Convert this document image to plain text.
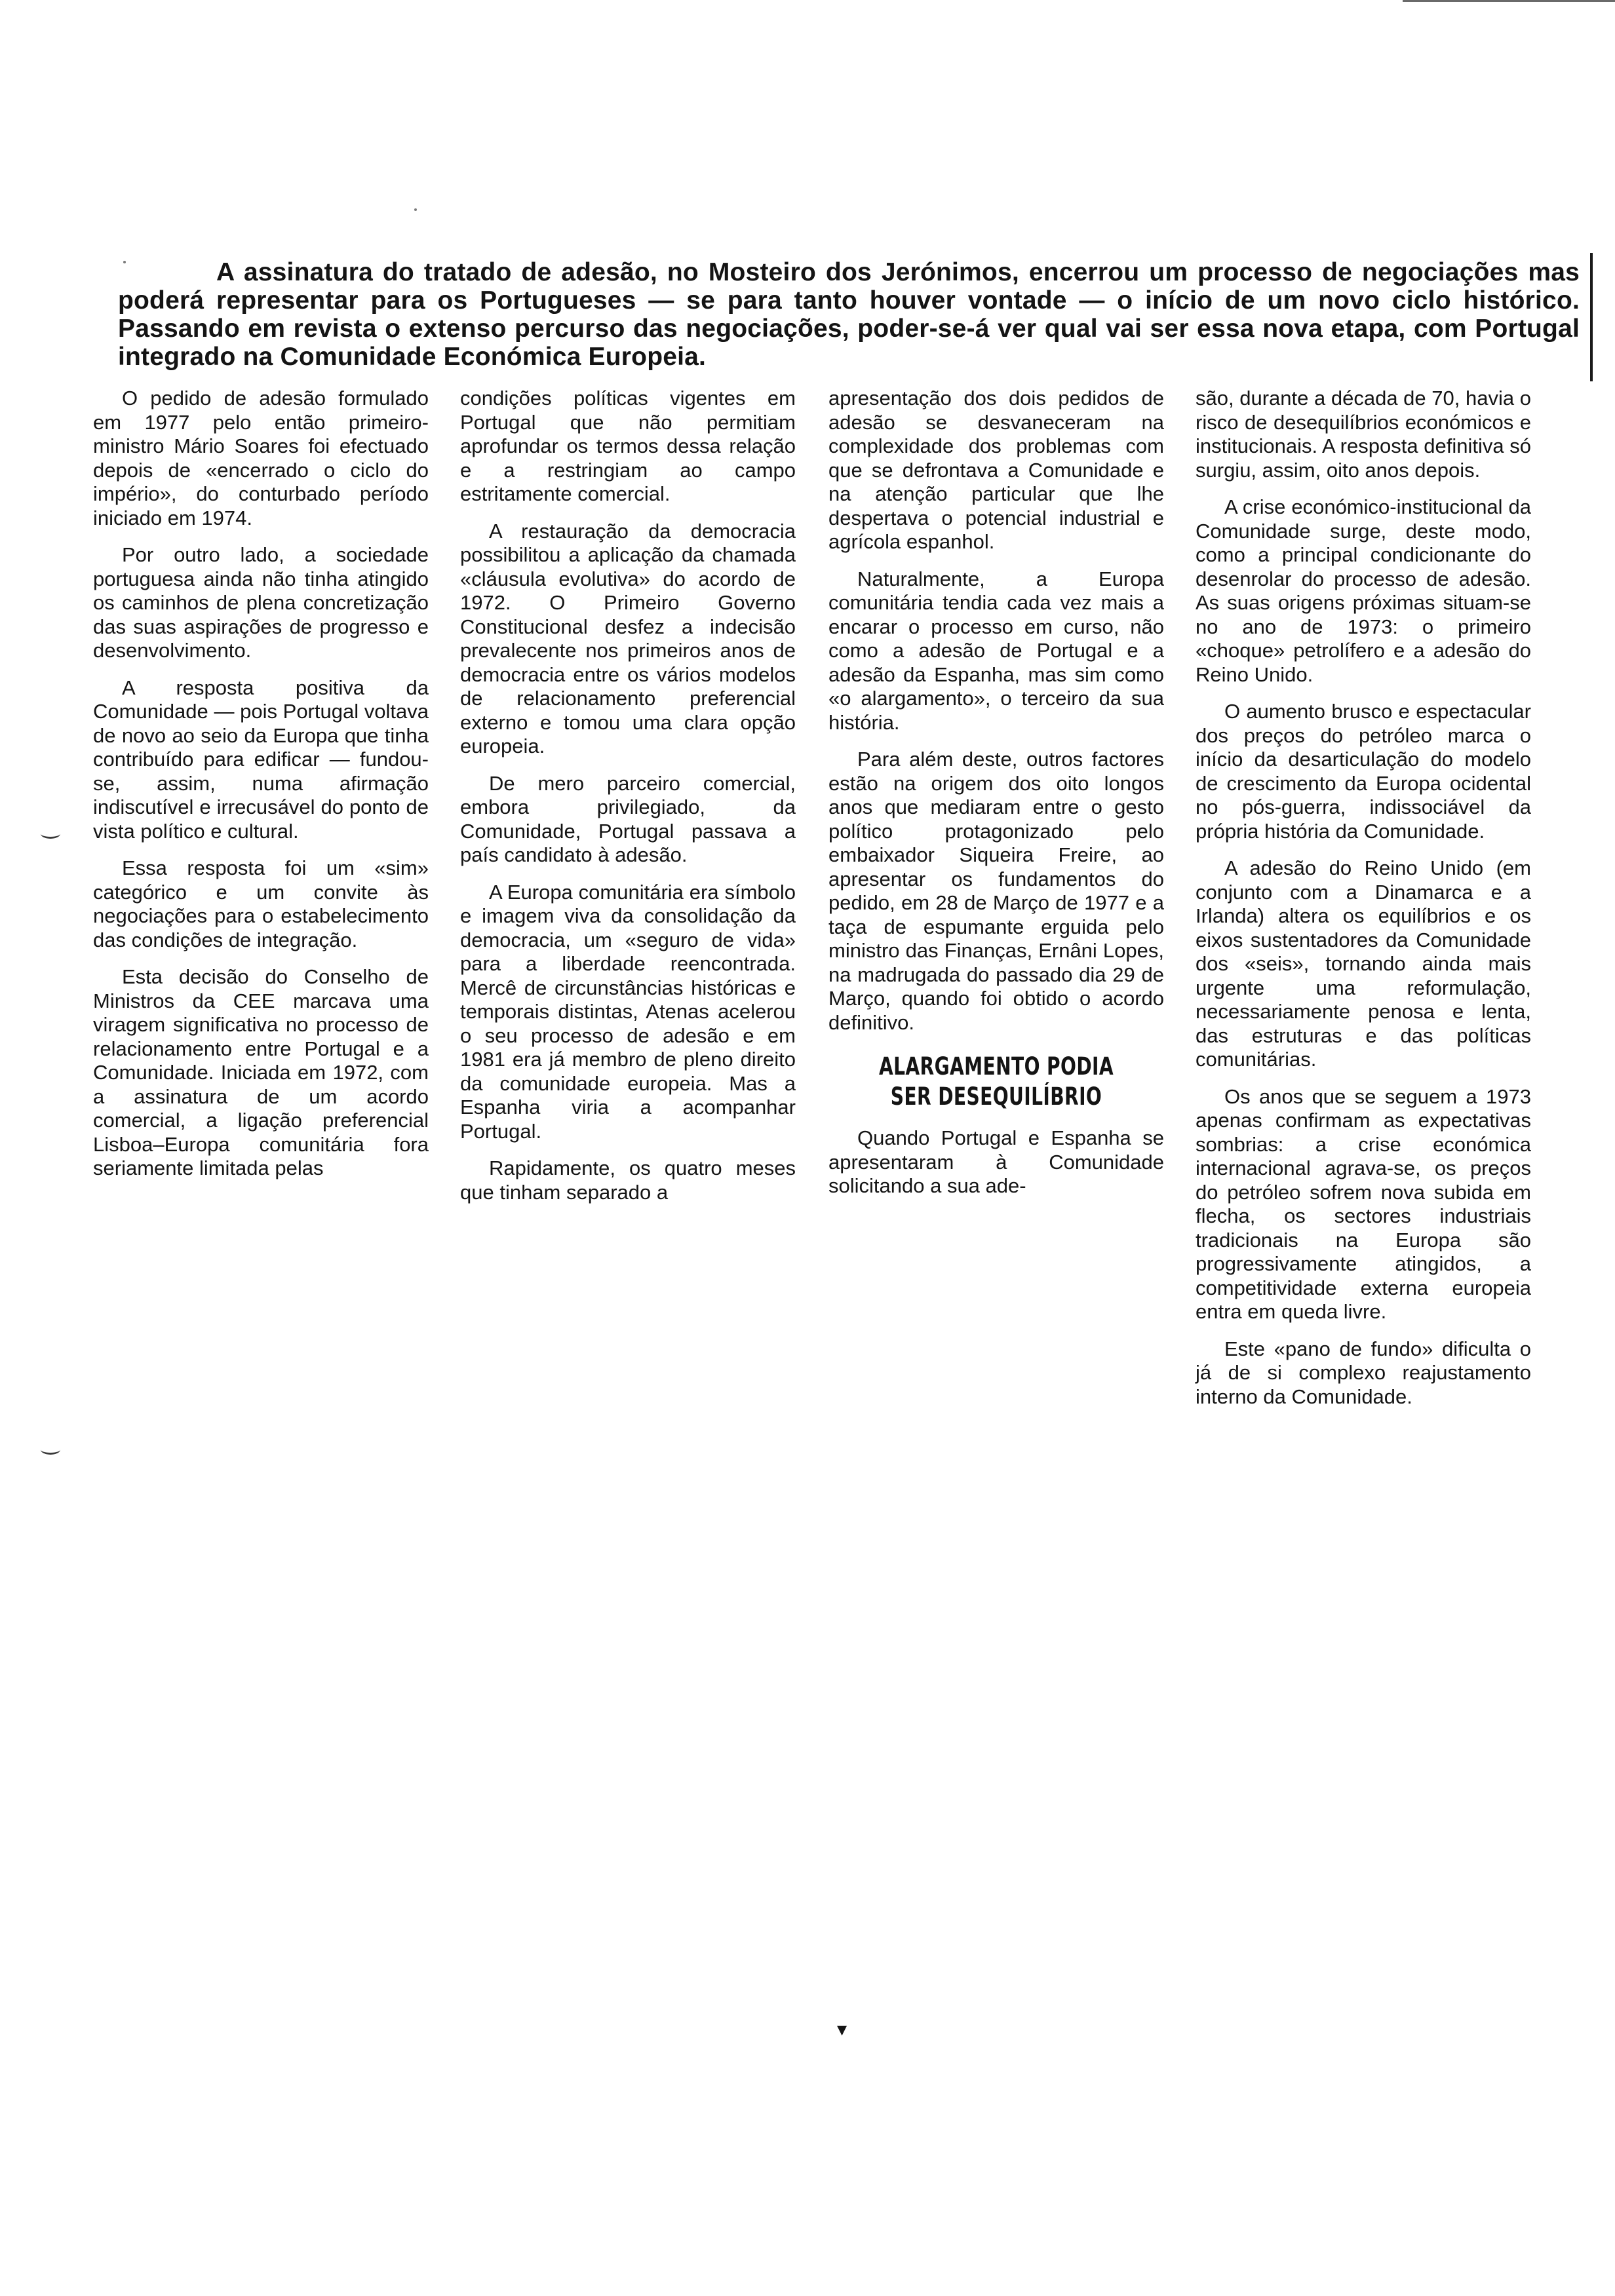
A assinatura do tratado de adesão, no Mosteiro dos Jerónimos, encerrou um processo de negociações mas poderá representar para os Portugueses — se para tanto houver vontade — o início de um novo ciclo histórico. Passando em revista o extenso percurso das negociações, poder-se-á ver qual vai ser essa nova etapa, com Portugal integrado na Comunidade Económica Europeia.

O pedido de adesão formulado em 1977 pelo então primeiro-ministro Mário Soares foi efectuado depois de «encerrado o ciclo do império», do conturbado período iniciado em 1974.

Por outro lado, a sociedade portuguesa ainda não tinha atingido os caminhos de plena concretização das suas aspirações de progresso e desenvolvimento.

A resposta positiva da Comunidade — pois Portugal voltava de novo ao seio da Europa que tinha contribuído para edificar — fundou-se, assim, numa afirmação indiscutível e irrecusável do ponto de vista político e cultural.

Essa resposta foi um «sim» categórico e um convite às negociações para o estabelecimento das condições de integração.

Esta decisão do Conselho de Ministros da CEE marcava uma viragem significativa no processo de relacionamento entre Portugal e a Comunidade. Iniciada em 1972, com a assinatura de um acordo comercial, a ligação preferencial Lisboa–Europa comunitária fora seriamente limitada pelas

condições políticas vigentes em Portugal que não permitiam aprofundar os termos dessa relação e a restringiam ao campo estritamente comercial.

A restauração da democracia possibilitou a aplicação da chamada «cláusula evolutiva» do acordo de 1972. O Primeiro Governo Constitucional desfez a indecisão prevalecente nos primeiros anos de democracia entre os vários modelos de relacionamento preferencial externo e tomou uma clara opção europeia.

De mero parceiro comercial, embora privilegiado, da Comunidade, Portugal passava a país candidato à adesão.

A Europa comunitária era símbolo e imagem viva da consolidação da democracia, um «seguro de vida» para a liberdade reencontrada. Mercê de circunstâncias históricas e temporais distintas, Atenas acelerou o seu processo de adesão e em 1981 era já membro de pleno direito da comunidade europeia. Mas a Espanha viria a acompanhar Portugal.

Rapidamente, os quatro meses que tinham separado a

apresentação dos dois pedidos de adesão se desvaneceram na complexidade dos problemas com que se defrontava a Comunidade e na atenção particular que lhe despertava o potencial industrial e agrícola espanhol.

Naturalmente, a Europa comunitária tendia cada vez mais a encarar o processo em curso, não como a adesão de Portugal e a adesão da Espanha, mas sim como «o alargamento», o terceiro da sua história.

Para além deste, outros factores estão na origem dos oito longos anos que mediaram entre o gesto político protagonizado pelo embaixador Siqueira Freire, ao apresentar os fundamentos do pedido, em 28 de Março de 1977 e a taça de espumante erguida pelo ministro das Finanças, Ernâni Lopes, na madrugada do passado dia 29 de Março, quando foi obtido o acordo definitivo.

ALARGAMENTO PODIA SER DESEQUILÍBRIO

Quando Portugal e Espanha se apresentaram à Comunidade solicitando a sua ade-

são, durante a década de 70, havia o risco de desequilíbrios económicos e institucionais. A resposta definitiva só surgiu, assim, oito anos depois.

A crise económico-institucional da Comunidade surge, deste modo, como a principal condicionante do desenrolar do processo de adesão. As suas origens próximas situam-se no ano de 1973: o primeiro «choque» petrolífero e a adesão do Reino Unido.

O aumento brusco e espectacular dos preços do petróleo marca o início da desarticulação do modelo de crescimento da Europa ocidental no pós-guerra, indissociável da própria história da Comunidade.

A adesão do Reino Unido (em conjunto com a Dinamarca e a Irlanda) altera os equilíbrios e os eixos sustentadores da Comunidade dos «seis», tornando ainda mais urgente uma reformulação, necessariamente penosa e lenta, das estruturas e das políticas comunitárias.

Os anos que se seguem a 1973 apenas confirmam as expectativas sombrias: a crise económica internacional agrava-se, os preços do petróleo sofrem nova subida em flecha, os sectores industriais tradicionais na Europa são progressivamente atingidos, a competitividade externa europeia entra em queda livre.

Este «pano de fundo» dificulta o já de si complexo reajustamento interno da Comunidade.

▾
